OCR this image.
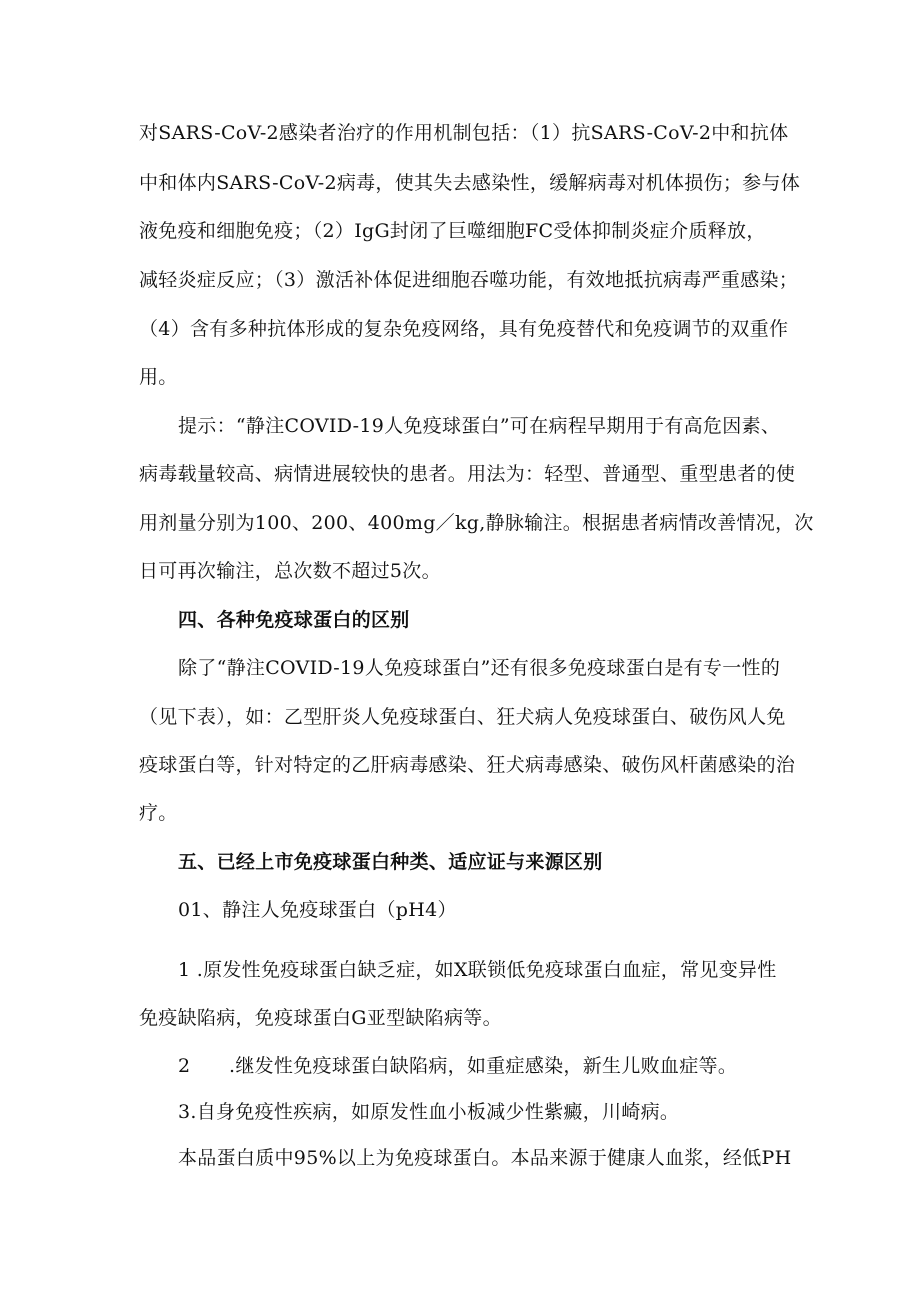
对SARS-CoV-2感染者治疗的作用机制包括：（1）抗SARS-CoV-2中和抗体
中和体内SARS-CoV-2病毒，使其失去感染性，缓解病毒对机体损伤；参与体
液免疫和细胞免疫；（2）IgG封闭了巨噬细胞FC受体抑制炎症介质释放，
减轻炎症反应；（3）激活补体促进细胞吞噬功能，有效地抵抗病毒严重感染；
（4）含有多种抗体形成的复杂免疫网络，具有免疫替代和免疫调节的双重作
用。
提示：“静注COVID-19人免疫球蛋白”可在病程早期用于有高危因素、
病毒载量较高、病情进展较快的患者。用法为：轻型、普通型、重型患者的使
用剂量分别为100、200、400mg／kg,静脉输注。根据患者病情改善情况，次
日可再次输注，总次数不超过5次。
四、各种免疫球蛋白的区别
除了“静注COVID-19人免疫球蛋白”还有很多免疫球蛋白是有专一性的
（见下表），如：乙型肝炎人免疫球蛋白、狂犬病人免疫球蛋白、破伤风人免
疫球蛋白等，针对特定的乙肝病毒感染、狂犬病毒感染、破伤风杆菌感染的治
疗。
五、已经上市免疫球蛋白种类、适应证与来源区别
01、静注人免疫球蛋白（pH4）
1 .原发性免疫球蛋白缺乏症，如X联锁低免疫球蛋白血症，常见变异性
免疫缺陷病，免疫球蛋白G亚型缺陷病等。
2　　.继发性免疫球蛋白缺陷病，如重症感染，新生儿败血症等。
3.自身免疫性疾病，如原发性血小板减少性紫癜，川崎病。
本品蛋白质中95%以上为免疫球蛋白。本品来源于健康人血浆，经低PH
